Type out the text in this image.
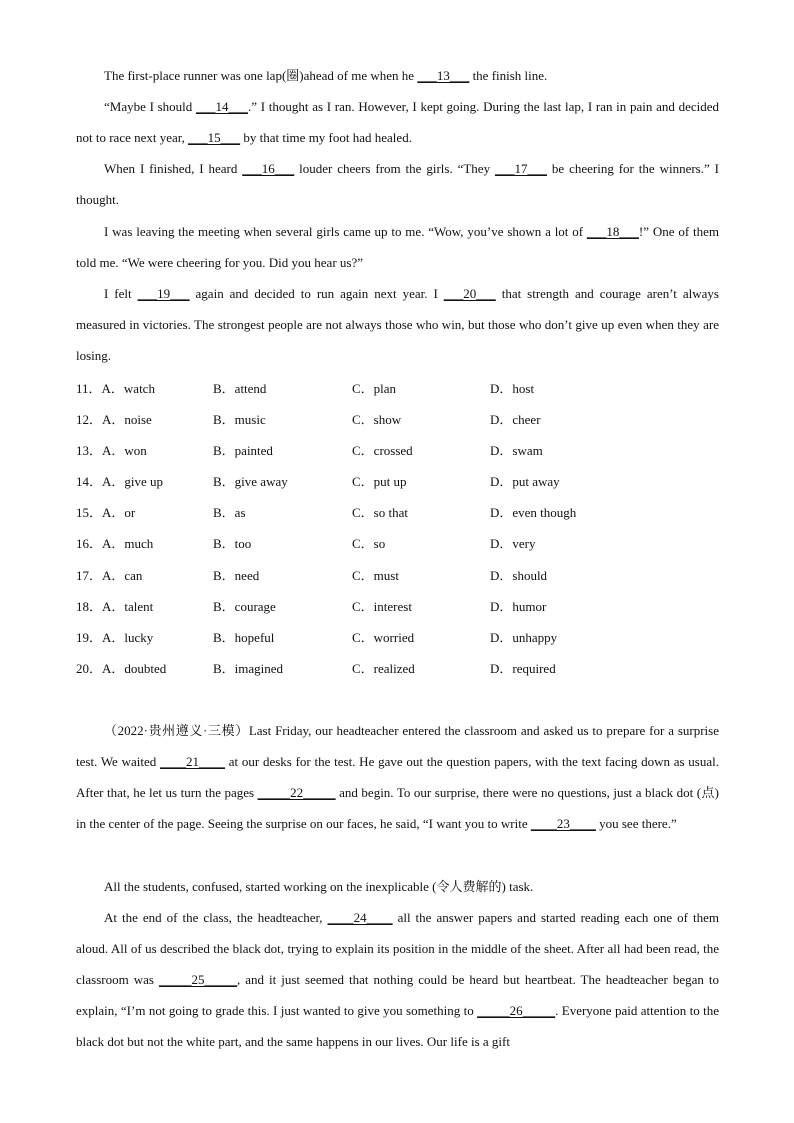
The first-place runner was one lap(圈)ahead of me when he ___13___ the finish line.

“Maybe I should ___14___.” I thought as I ran. However, I kept going. During the last lap, I ran in pain and decided not to race next year, ___15___ by that time my foot had healed.

When I finished, I heard ___16___ louder cheers from the girls. “They ___17___ be cheering for the winners.” I thought.

I was leaving the meeting when several girls came up to me. “Wow, you’ve shown a lot of ___18___!” One of them told me. “We were cheering for you. Did you hear us?”

I felt ___19___ again and decided to run again next year. I ___20___ that strength and courage aren’t always measured in victories. The strongest people are not always those who win, but those who don’t give up even when they are losing.

11．A．watch	B．attend	C．plan	D．host
12．A．noise	B．music	C．show	D．cheer
13．A．won	B．painted	C．crossed	D．swam
14．A．give up	B．give away	C．put up	D．put away
15．A．or	B．as	C．so that	D．even though
16．A．much	B．too	C．so	D．very
17．A．can	B．need	C．must	D．should
18．A．talent	B．courage	C．interest	D．humor
19．A．lucky	B．hopeful	C．worried	D．unhappy
20．A．doubted	B．imagined	C．realized	D．required

（2022·贵州遵义·三模）Last Friday, our headteacher entered the classroom and asked us to prepare for a surprise test. We waited ____21____ at our desks for the test. He gave out the question papers, with the text facing down as usual. After that, he let us turn the pages _____22_____ and begin. To our surprise, there were no questions, just a black dot (点) in the center of the page. Seeing the surprise on our faces, he said, “I want you to write ____23____ you see there.”

All the students, confused, started working on the inexplicable (令人费解的) task.

At the end of the class, the headteacher, ____24____ all the answer papers and started reading each one of them aloud. All of us described the black dot, trying to explain its position in the middle of the sheet. After all had been read, the classroom was _____25_____, and it just seemed that nothing could be heard but heartbeat. The headteacher began to explain, “I’m not going to grade this. I just wanted to give you something to _____26_____. Everyone paid attention to the black dot but not the white part, and the same happens in our lives. Our life is a gift
